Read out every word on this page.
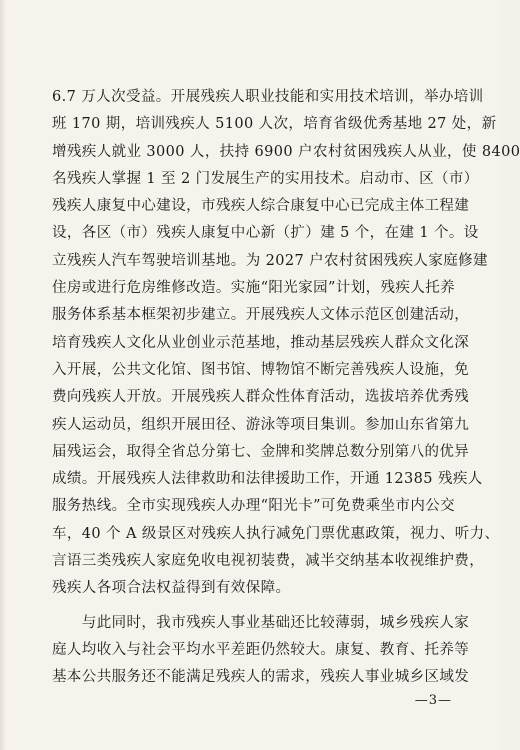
6.7 万人次受益。开展残疾人职业技能和实用技术培训，举办培训

班 170 期，培训残疾人 5100 人次，培育省级优秀基地 27 处，新

增残疾人就业 3000 人，扶持 6900 户农村贫困残疾人从业，使 8400

名残疾人掌握 1 至 2 门发展生产的实用技术。启动市、区（市）

残疾人康复中心建设，市残疾人综合康复中心已完成主体工程建

设，各区（市）残疾人康复中心新（扩）建 5 个，在建 1 个。设

立残疾人汽车驾驶培训基地。为 2027 户农村贫困残疾人家庭修建

住房或进行危房维修改造。实施“阳光家园”计划，残疾人托养

服务体系基本框架初步建立。开展残疾人文体示范区创建活动，

培育残疾人文化从业创业示范基地，推动基层残疾人群众文化深

入开展，公共文化馆、图书馆、博物馆不断完善残疾人设施，免

费向残疾人开放。开展残疾人群众性体育活动，选拔培养优秀残

疾人运动员，组织开展田径、游泳等项目集训。参加山东省第九

届残运会，取得全省总分第七、金牌和奖牌总数分别第八的优异

成绩。开展残疾人法律救助和法律援助工作，开通 12385 残疾人

服务热线。全市实现残疾人办理“阳光卡”可免费乘坐市内公交

车，40 个 A 级景区对残疾人执行减免门票优惠政策，视力、听力、

言语三类残疾人家庭免收电视初装费，减半交纳基本收视维护费，

残疾人各项合法权益得到有效保障。

　　与此同时，我市残疾人事业基础还比较薄弱，城乡残疾人家

庭人均收入与社会平均水平差距仍然较大。康复、教育、托养等

基本公共服务还不能满足残疾人的需求，残疾人事业城乡区域发

—3—
